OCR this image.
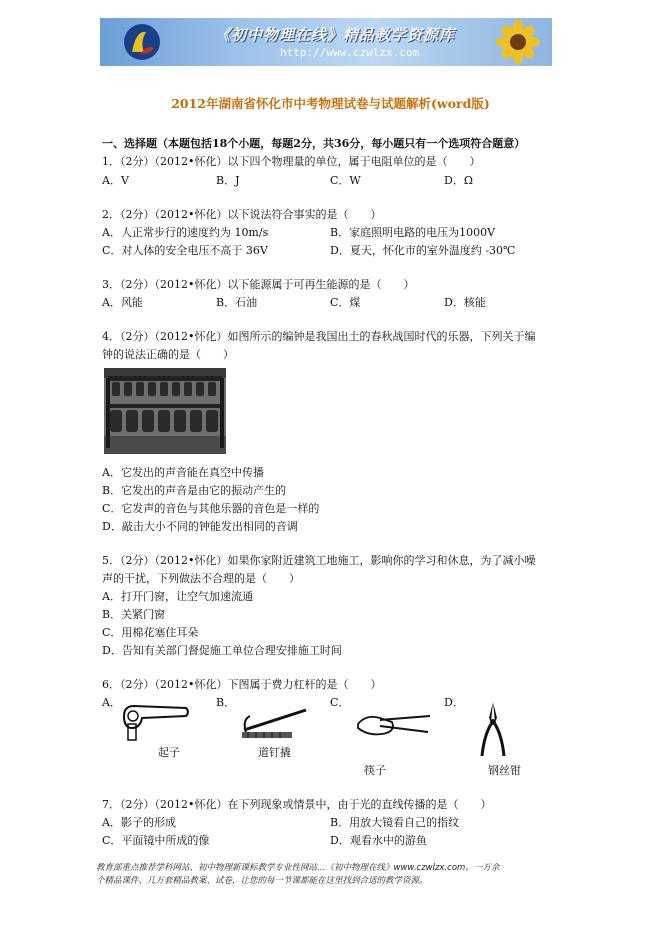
《初中物理在线》精品教学资源库
http://www.czwlzx.com
2012年湖南省怀化市中考物理试卷与试题解析(word版)
一、选择题（本题包括18个小题，每题2分，共36分，每小题只有一个选项符合题意）
1．（2分）（2012•怀化）以下四个物理量的单位，属于电阻单位的是（　　）
A．V	B．J	C．W	D．Ω
2．（2分）（2012•怀化）以下说法符合事实的是（　　）
A．人正常步行的速度约为 10m/s	B．家庭照明电路的电压为1000V
C．对人体的安全电压不高于 36V	D．夏天，怀化市的室外温度约 -30℃
3．（2分）（2012•怀化）以下能源属于可再生能源的是（　　）
A．风能	B．石油	C．煤	D．核能
4．（2分）（2012•怀化）如图所示的编钟是我国出土的春秋战国时代的乐器，下列关于编
钟的说法正确的是（　　）
A．它发出的声音能在真空中传播
B．它发出的声音是由它的振动产生的
C．它发声的音色与其他乐器的音色是一样的
D．敲击大小不同的钟能发出相同的音调
5．（2分）（2012•怀化）如果你家附近建筑工地施工，影响你的学习和休息，为了减小噪
声的干扰，下列做法不合理的是（　　）
A．打开门窗，让空气加速流通
B．关紧门窗
C．用棉花塞住耳朵
D．告知有关部门督促施工单位合理安排施工时间
6．（2分）（2012•怀化）下图属于费力杠杆的是（　　）
A．	B．	C．	D．
起子	道钉撬
筷子	钢丝钳
7．（2分）（2012•怀化）在下列现象或情景中，由于光的直线传播的是（　　）
A．影子的形成	B．用放大镜看自己的指纹
C．平面镜中所成的像	D．观看水中的游鱼
教育部重点推荐学科网站、初中物理新课标教学专业性网站…《初中物理在线》www.czwlzx.com。一万余
个精品课件、几万套精品教案、试卷，让您的每一节课都能在这里找到合适的教学资源。
